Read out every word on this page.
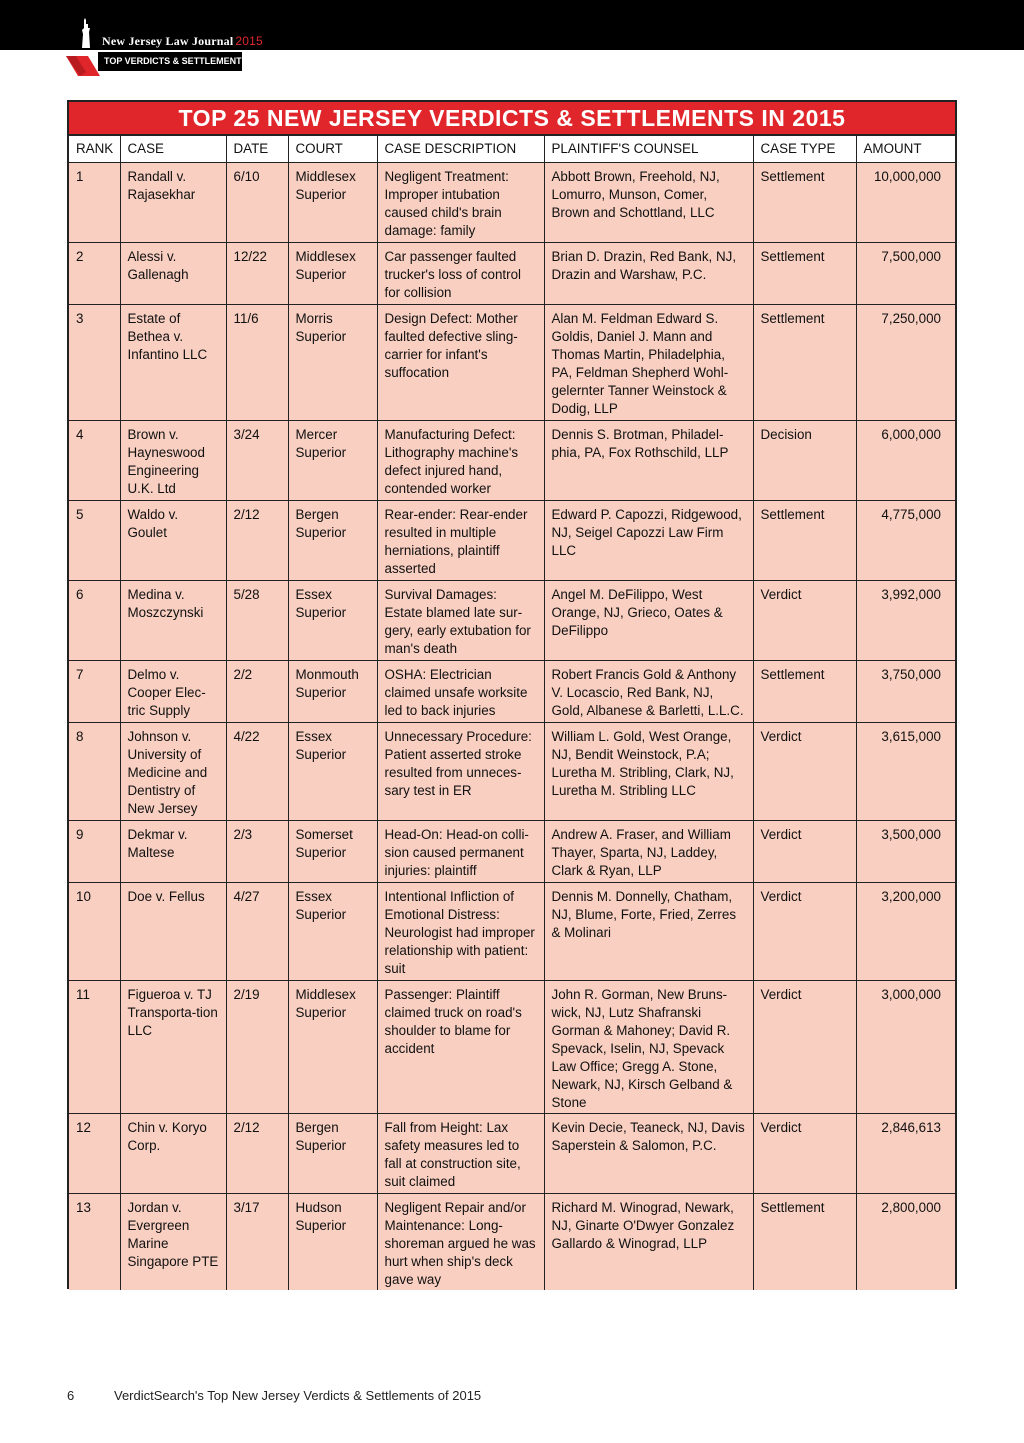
New Jersey Law Journal 2015
TOP VERDICTS & SETTLEMENTS NJ
TOP 25 NEW JERSEY VERDICTS & SETTLEMENTS IN 2015
RANK	CASE	DATE	COURT	CASE DESCRIPTION	PLAINTIFF'S COUNSEL	CASE TYPE	AMOUNT
1	Randall v. Rajasekhar	6/10	Middlesex Superior	Negligent Treatment: Improper intubation caused child's brain damage: family	Abbott Brown, Freehold, NJ, Lomurro, Munson, Comer, Brown and Schottland, LLC	Settlement	10,000,000
2	Alessi v. Gallenagh	12/22	Middlesex Superior	Car passenger faulted trucker's loss of control for collision	Brian D. Drazin, Red Bank, NJ, Drazin and Warshaw, P.C.	Settlement	7,500,000
3	Estate of Bethea v. Infantino LLC	11/6	Morris Superior	Design Defect: Mother faulted defective sling-carrier for infant's suffocation	Alan M. Feldman Edward S. Goldis, Daniel J. Mann and Thomas Martin, Philadelphia, PA, Feldman Shepherd Wohl-gelernter Tanner Weinstock & Dodig, LLP	Settlement	7,250,000
4	Brown v. Hayneswood Engineering U.K. Ltd	3/24	Mercer Superior	Manufacturing Defect: Lithography machine's defect injured hand, contended worker	Dennis S. Brotman, Philadel-phia, PA, Fox Rothschild, LLP	Decision	6,000,000
5	Waldo v. Goulet	2/12	Bergen Superior	Rear-ender: Rear-ender resulted in multiple herniations, plaintiff asserted	Edward P. Capozzi, Ridgewood, NJ, Seigel Capozzi Law Firm LLC	Settlement	4,775,000
6	Medina v. Moszczynski	5/28	Essex Superior	Survival Damages: Estate blamed late sur-gery, early extubation for man's death	Angel M. DeFilippo, West Orange, NJ, Grieco, Oates & DeFilippo	Verdict	3,992,000
7	Delmo v. Cooper Elec-tric Supply	2/2	Monmouth Superior	OSHA: Electrician claimed unsafe worksite led to back injuries	Robert Francis Gold & Anthony V. Locascio, Red Bank, NJ, Gold, Albanese & Barletti, L.L.C.	Settlement	3,750,000
8	Johnson v. University of Medicine and Dentistry of New Jersey	4/22	Essex Superior	Unnecessary Procedure: Patient asserted stroke resulted from unneces-sary test in ER	William L. Gold, West Orange, NJ, Bendit Weinstock, P.A; Luretha M. Stribling, Clark, NJ, Luretha M. Stribling LLC	Verdict	3,615,000
9	Dekmar v. Maltese	2/3	Somerset Superior	Head-On: Head-on colli-sion caused permanent injuries: plaintiff	Andrew A. Fraser, and William Thayer, Sparta, NJ, Laddey, Clark & Ryan, LLP	Verdict	3,500,000
10	Doe v. Fellus	4/27	Essex Superior	Intentional Infliction of Emotional Distress: Neurologist had improper relationship with patient: suit	Dennis M. Donnelly, Chatham, NJ, Blume, Forte, Fried, Zerres & Molinari	Verdict	3,200,000
11	Figueroa v. TJ Transporta-tion LLC	2/19	Middlesex Superior	Passenger: Plaintiff claimed truck on road's shoulder to blame for accident	John R. Gorman, New Bruns-wick, NJ, Lutz Shafranski Gorman & Mahoney; David R. Spevack, Iselin, NJ, Spevack Law Office; Gregg A. Stone, Newark, NJ, Kirsch Gelband & Stone	Verdict	3,000,000
12	Chin v. Koryo Corp.	2/12	Bergen Superior	Fall from Height: Lax safety measures led to fall at construction site, suit claimed	Kevin Decie, Teaneck, NJ, Davis Saperstein & Salomon, P.C.	Verdict	2,846,613
13	Jordan v. Evergreen Marine Singapore PTE	3/17	Hudson Superior	Negligent Repair and/or Maintenance: Long-shoreman argued he was hurt when ship's deck gave way	Richard M. Winograd, Newark, NJ, Ginarte O'Dwyer Gonzalez Gallardo & Winograd, LLP	Settlement	2,800,000
6	VerdictSearch's Top New Jersey Verdicts & Settlements of 2015
